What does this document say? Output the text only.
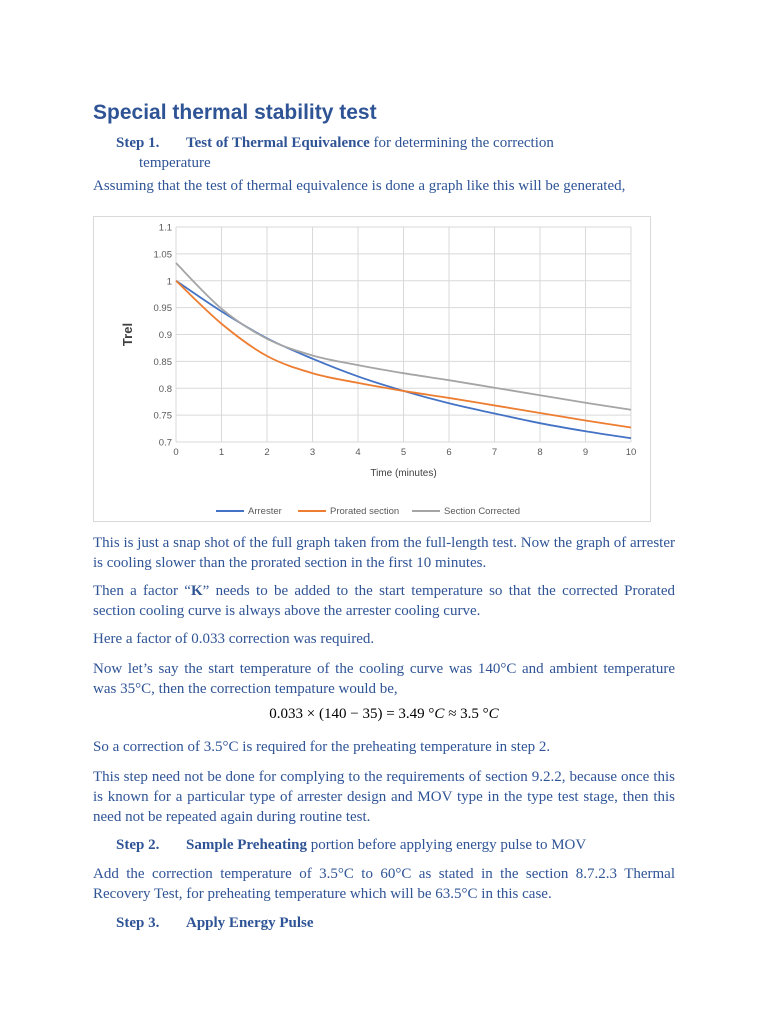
Special thermal stability test
Step 1. Test of Thermal Equivalence for determining the correction
temperature

Assuming that the test of thermal equivalence is done a graph like this will be generated,

0.7
0.75
0.8
0.85
0.9
0.95
1
1.05
1.1
0	1	2	3	4	5	6	7	8	9	10
Time (minutes)
Trel
Arrester	Prorated section	Section Corrected

This is just a snap shot of the full graph taken from the full-length test. Now the graph of arrester is cooling slower than the prorated section in the first 10 minutes.

Then a factor “K” needs to be added to the start temperature so that the corrected Prorated section cooling curve is always above the arrester cooling curve.

Here a factor of 0.033 correction was required.

Now let’s say the start temperature of the cooling curve was 140°C and ambient temperature was 35°C, then the correction tempature would be,

0.033 × (140 − 35) = 3.49 °C ≈ 3.5 °C

So a correction of 3.5°C is required for the preheating temperature in step 2.

This step need not be done for complying to the requirements of section 9.2.2, because once this is known for a particular type of arrester design and MOV type in the type test stage, then this need not be repeated again during routine test.

Step 2. Sample Preheating portion before applying energy pulse to MOV

Add the correction temperature of 3.5°C to 60°C as stated in the section 8.7.2.3 Thermal Recovery Test, for preheating temperature which will be 63.5°C in this case.

Step 3. Apply Energy Pulse
